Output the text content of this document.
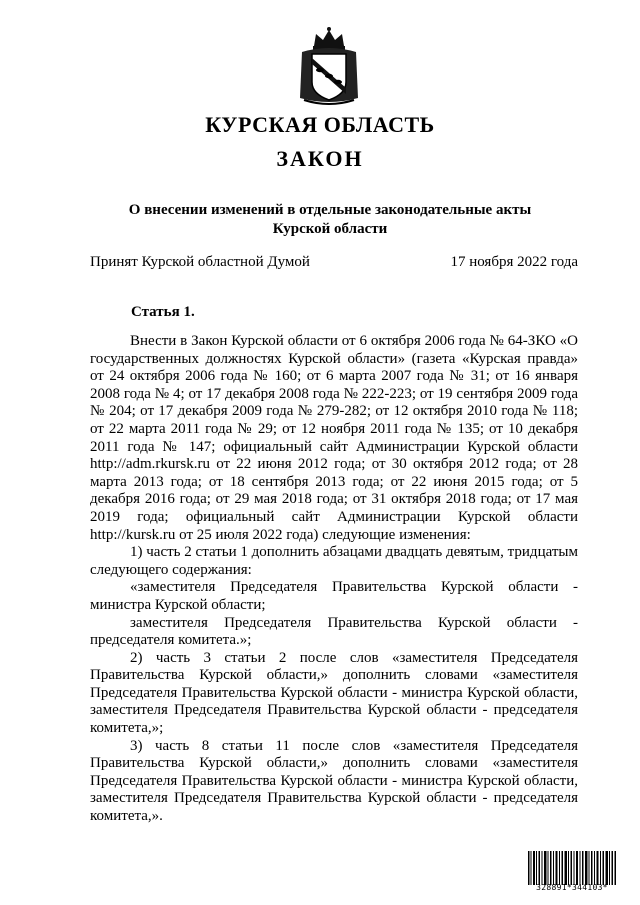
КУРСКАЯ ОБЛАСТЬ
ЗАКОН
О внесении изменений в отдельные законодательные акты
Курской области
Принят Курской областной Думой	17 ноября 2022 года
Статья 1.

Внести в Закон Курской области от 6 октября 2006 года № 64-ЗКО «О государственных должностях Курской области» (газета «Курская правда» от 24 октября 2006 года № 160; от 6 марта 2007 года № 31; от 16 января 2008 года № 4; от 17 декабря 2008 года № 222-223; от 19 сентября 2009 года № 204; от 17 декабря 2009 года № 279-282; от 12 октября 2010 года № 118; от 22 марта 2011 года № 29; от 12 ноября 2011 года № 135; от 10 декабря 2011 года № 147; официальный сайт Администрации Курской области http://adm.rkursk.ru от 22 июня 2012 года; от 30 октября 2012 года; от 28 марта 2013 года; от 18 сентября 2013 года; от 22 июня 2015 года; от 5 декабря 2016 года; от 29 мая 2018 года; от 31 октября 2018 года; от 17 мая 2019 года; официальный сайт Администрации Курской области http://kursk.ru от 25 июля 2022 года) следующие изменения:

1) часть 2 статьи 1 дополнить абзацами двадцать девятым, тридцатым следующего содержания:

«заместителя Председателя Правительства Курской области - министра Курской области;

заместителя Председателя Правительства Курской области - председателя комитета.»;

2) часть 3 статьи 2 после слов «заместителя Председателя Правительства Курской области,» дополнить словами «заместителя Председателя Правительства Курской области - министра Курской области, заместителя Председателя Правительства Курской области - председателя комитета,»;

3) часть 8 статьи 11 после слов «заместителя Председателя Правительства Курской области,» дополнить словами «заместителя Председателя Правительства Курской области - министра Курской области, заместителя Председателя Правительства Курской области - председателя комитета,».

328891*344103*
